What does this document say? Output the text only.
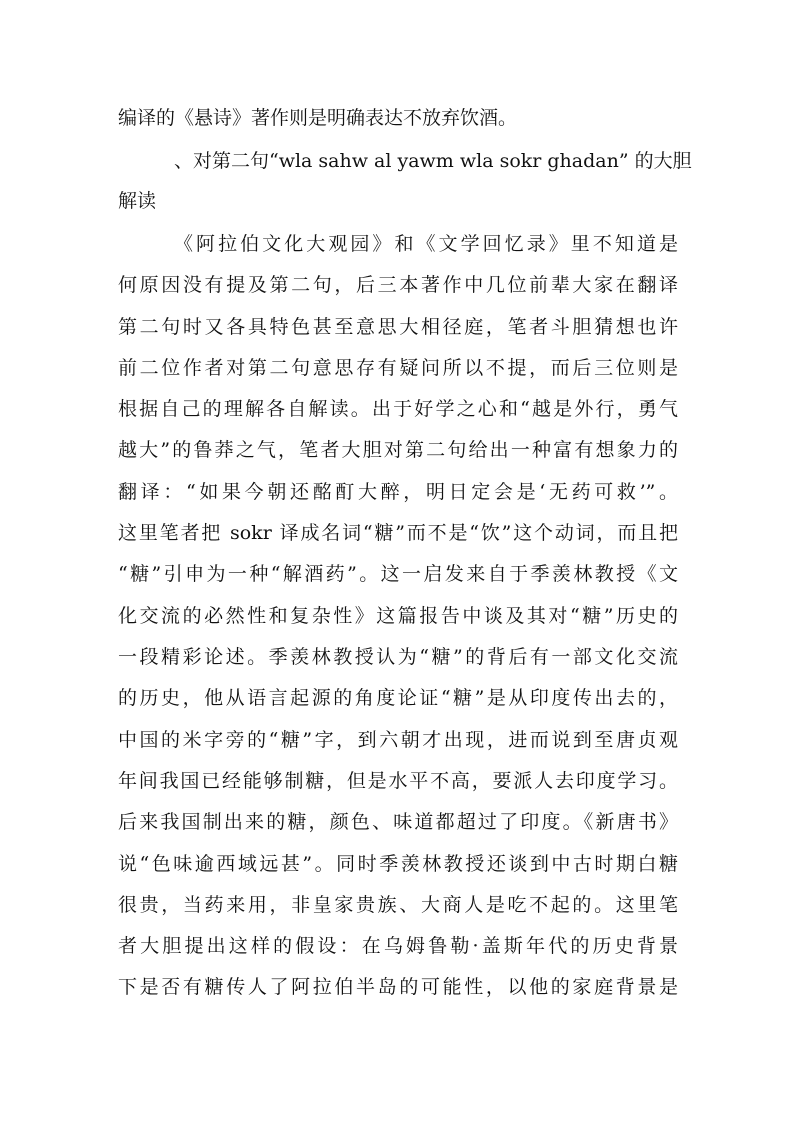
编译的《悬诗》著作则是明确表达不放弃饮酒。
、对第二句“wla sahw al yawm wla sokr ghadan” 的大胆
解读
《阿拉伯文化大观园》和《文学回忆录》里不知道是
何原因没有提及第二句，后三本著作中几位前辈大家在翻译
第二句时又各具特色甚至意思大相径庭，笔者斗胆猜想也许
前二位作者对第二句意思存有疑问所以不提，而后三位则是
根据自己的理解各自解读。出于好学之心和“越是外行，勇气
越大”的鲁莽之气，笔者大胆对第二句给出一种富有想象力的
翻译：“如果今朝还酩酊大醉，明日定会是‘无药可救’”。
这里笔者把 sokr 译成名词“糖”而不是“饮”这个动词，而且把
“糖”引申为一种“解酒药”。这一启发来自于季羡林教授《文
化交流的必然性和复杂性》这篇报告中谈及其对“糖”历史的
一段精彩论述。季羡林教授认为“糖”的背后有一部文化交流
的历史，他从语言起源的角度论证“糖”是从印度传出去的，
中国的米字旁的“糖”字，到六朝才出现，进而说到至唐贞观
年间我国已经能够制糖，但是水平不高，要派人去印度学习。
后来我国制出来的糖，颜色、味道都超过了印度。《新唐书》
说“色味逾西域远甚”。同时季羡林教授还谈到中古时期白糖
很贵，当药来用，非皇家贵族、大商人是吃不起的。这里笔
者大胆提出这样的假设：在乌姆鲁勒·盖斯年代的历史背景
下是否有糖传人了阿拉伯半岛的可能性，以他的家庭背景是
